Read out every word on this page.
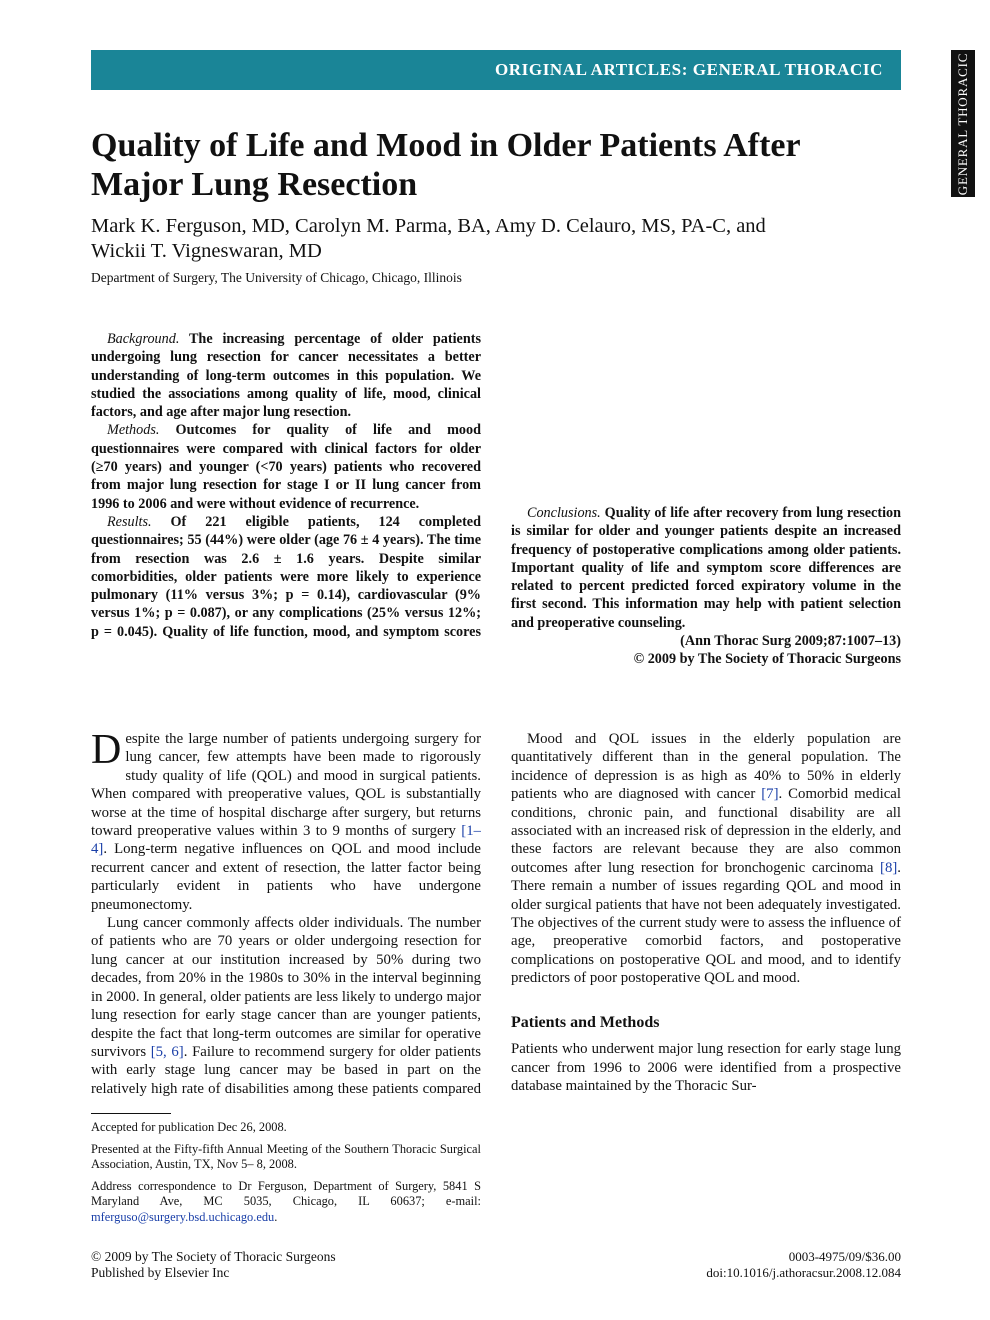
ORIGINAL ARTICLES: GENERAL THORACIC	GENERAL THORACIC
Quality of Life and Mood in Older Patients After Major Lung Resection
Mark K. Ferguson, MD, Carolyn M. Parma, BA, Amy D. Celauro, MS, PA-C, and
Wickii T. Vigneswaran, MD
Department of Surgery, The University of Chicago, Chicago, Illinois

Background. The increasing percentage of older patients undergoing lung resection for cancer necessitates a better understanding of long-term outcomes in this population. We studied the associations among quality of life, mood, clinical factors, and age after major lung resection.

Methods. Outcomes for quality of life and mood questionnaires were compared with clinical factors for older (≥70 years) and younger (<70 years) patients who recovered from major lung resection for stage I or II lung cancer from 1996 to 2006 and were without evidence of recurrence.

Results. Of 221 eligible patients, 124 completed questionnaires; 55 (44%) were older (age 76 ± 4 years). The time from resection was 2.6 ± 1.6 years. Despite similar comorbidities, older patients were more likely to experience pulmonary (11% versus 3%; p = 0.14), cardiovascular (9% versus 1%; p = 0.087), or any complications (25% versus 12%; p = 0.045). Quality of life function, mood, and symptom scores

Conclusions. Quality of life after recovery from lung resection is similar for older and younger patients despite an increased frequency of postoperative complications among older patients. Important quality of life and symptom score differences are related to percent predicted forced expiratory volume in the first second. This information may help with patient selection and preoperative counseling.

(Ann Thorac Surg 2009;87:1007–13)

© 2009 by The Society of Thoracic Surgeons

Despite the large number of patients undergoing surgery for lung cancer, few attempts have been made to rigorously study quality of life (QOL) and mood in surgical patients. When compared with preoperative values, QOL is substantially worse at the time of hospital discharge after surgery, but returns toward preoperative values within 3 to 9 months of surgery [1– 4]. Long-term negative influences on QOL and mood include recurrent cancer and extent of resection, the latter factor being particularly evident in patients who have undergone pneumonectomy.

Lung cancer commonly affects older individuals. The number of patients who are 70 years or older undergoing resection for lung cancer at our institution increased by 50% during two decades, from 20% in the 1980s to 30% in the interval beginning in 2000. In general, older patients are less likely to undergo major lung resection for early stage cancer than are younger patients, despite the fact that long-term outcomes are similar for operative survivors [5, 6]. Failure to recommend surgery for older patients with early stage lung cancer may be based in part on the relatively high rate of disabilities among these patients compared

Mood and QOL issues in the elderly population are quantitatively different than in the general population. The incidence of depression is as high as 40% to 50% in elderly patients who are diagnosed with cancer [7]. Comorbid medical conditions, chronic pain, and functional disability are all associated with an increased risk of depression in the elderly, and these factors are relevant because they are also common outcomes after lung resection for bronchogenic carcinoma [8]. There remain a number of issues regarding QOL and mood in older surgical patients that have not been adequately investigated. The objectives of the current study were to assess the influence of age, preoperative comorbid factors, and postoperative complications on postoperative QOL and mood, and to identify predictors of poor postoperative QOL and mood.

Patients and Methods

Patients who underwent major lung resection for early stage lung cancer from 1996 to 2006 were identified from a prospective database maintained by the Thoracic Sur-

Accepted for publication Dec 26, 2008.

Presented at the Fifty-fifth Annual Meeting of the Southern Thoracic Surgical Association, Austin, TX, Nov 5– 8, 2008.

Address correspondence to Dr Ferguson, Department of Surgery, 5841 S Maryland Ave, MC 5035, Chicago, IL 60637; e-mail: mferguso@surgery.bsd.uchicago.edu.

© 2009 by The Society of Thoracic Surgeons
Published by Elsevier Inc
0003-4975/09/$36.00
doi:10.1016/j.athoracsur.2008.12.084
